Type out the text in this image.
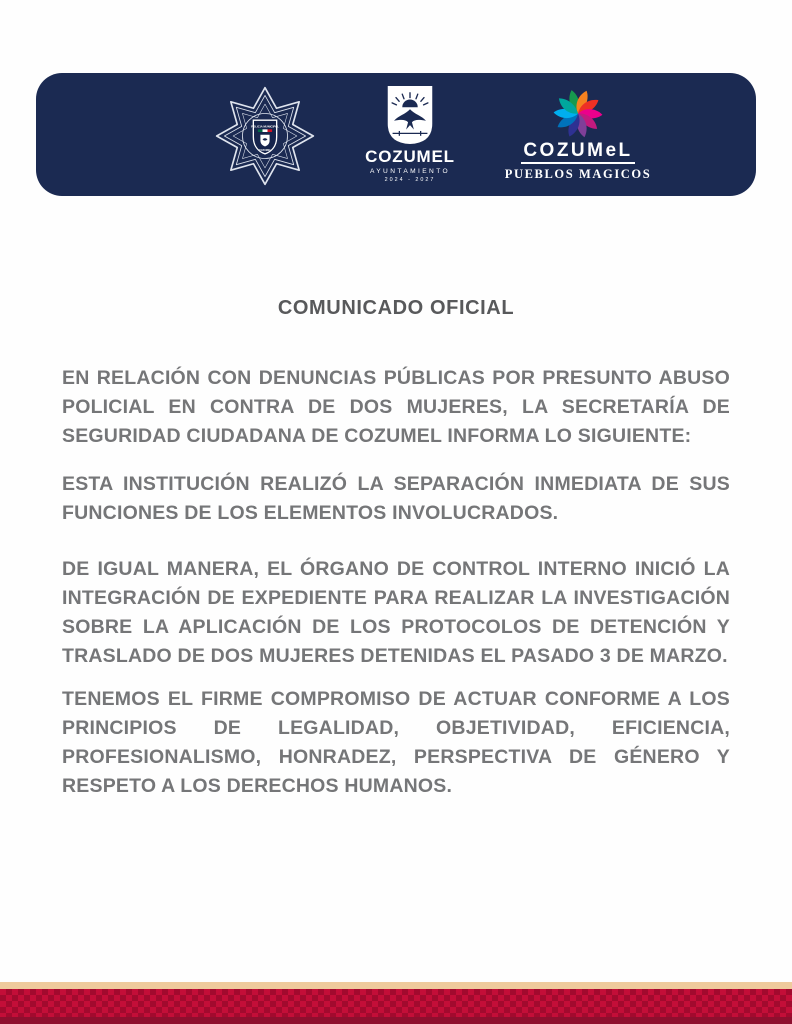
POLICIA MUNICIPAL
COZUMEL	COZUMEL
AYUNTAMIENTO
2024 - 2027
COZUMeL
PUEBLOS MAGICOS
COMUNICADO OFICIAL
EN RELACIÓN CON DENUNCIAS PÚBLICAS POR PRESUNTO ABUSO
POLICIAL EN CONTRA DE DOS MUJERES, LA SECRETARÍA DE
SEGURIDAD CIUDADANA DE COZUMEL INFORMA LO SIGUIENTE:
ESTA INSTITUCIÓN REALIZÓ LA SEPARACIÓN INMEDIATA DE SUS
FUNCIONES DE LOS ELEMENTOS INVOLUCRADOS.
DE IGUAL MANERA, EL ÓRGANO DE CONTROL INTERNO INICIÓ LA
INTEGRACIÓN DE EXPEDIENTE PARA REALIZAR LA INVESTIGACIÓN
SOBRE LA APLICACIÓN DE LOS PROTOCOLOS DE DETENCIÓN Y
TRASLADO DE DOS MUJERES DETENIDAS EL PASADO 3 DE MARZO.
TENEMOS EL FIRME COMPROMISO DE ACTUAR CONFORME A LOS
PRINCIPIOS DE LEGALIDAD, OBJETIVIDAD, EFICIENCIA,
PROFESIONALISMO, HONRADEZ, PERSPECTIVA DE GÉNERO Y
RESPETO A LOS DERECHOS HUMANOS.
